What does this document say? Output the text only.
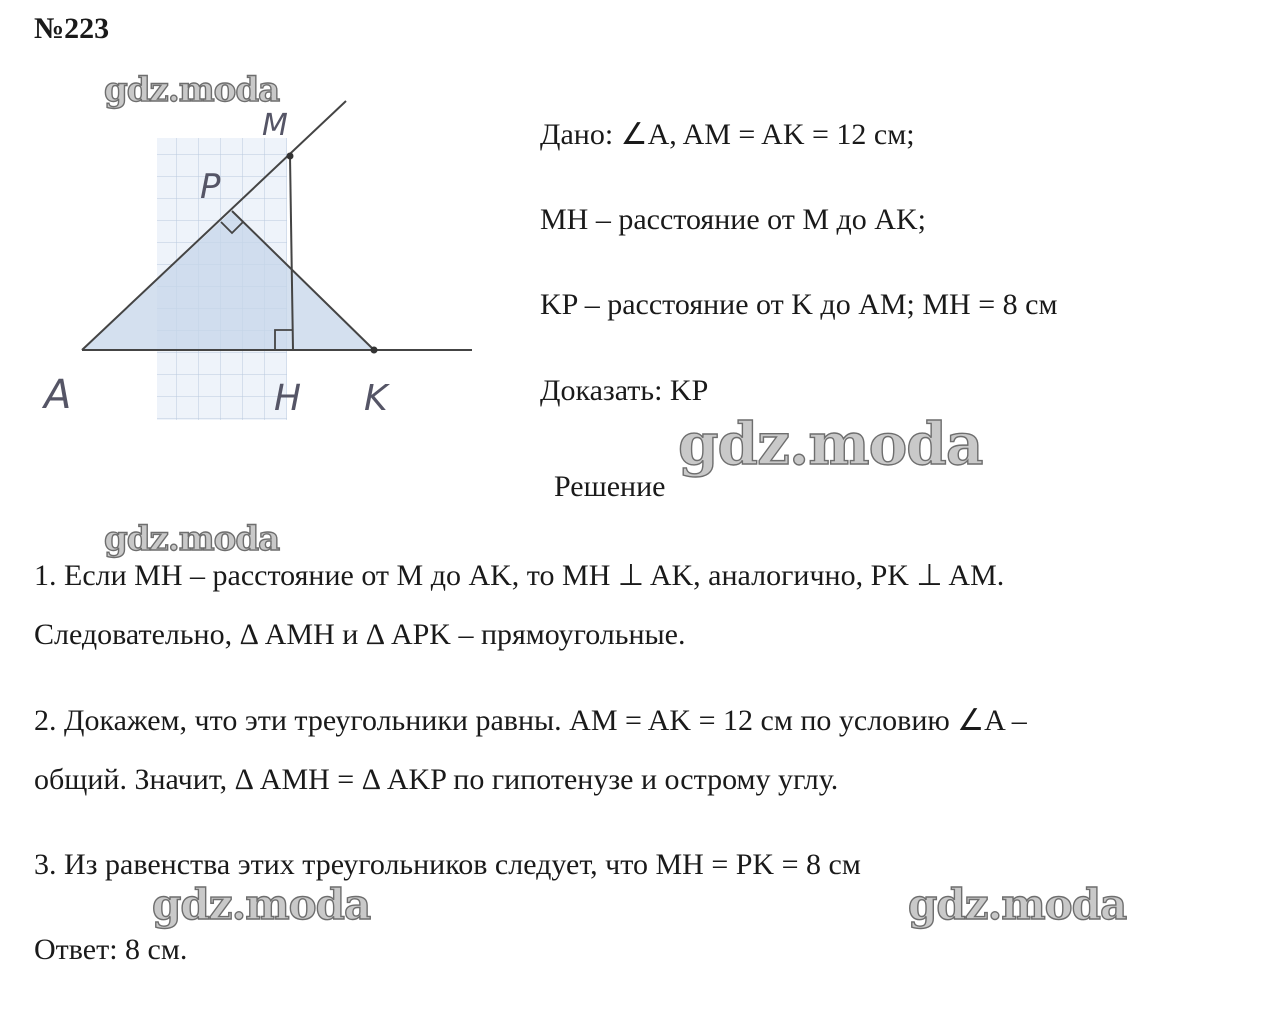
№223
gdz.moda
A
M
P
H K
Дано: ∠A, AM = AK = 12 см;
MH – расстояние от M до AK;
KP – расстояние от K до AM; MH = 8 см
Доказать: KP
gdz.moda
Решение
gdz.moda
1. Если MH – расстояние от M до AK, то MH ⊥ AK, аналогично, PK ⊥ AM.
Следовательно, Δ AMH и Δ APK – прямоугольные.
2. Докажем, что эти треугольники равны. AM = AK = 12 см по условию ∠A –
общий. Значит, Δ AMH = Δ AKP по гипотенузе и острому углу.
3. Из равенства этих треугольников следует, что MH = PK = 8 см
gdz.moda	gdz.moda
Ответ: 8 см.
